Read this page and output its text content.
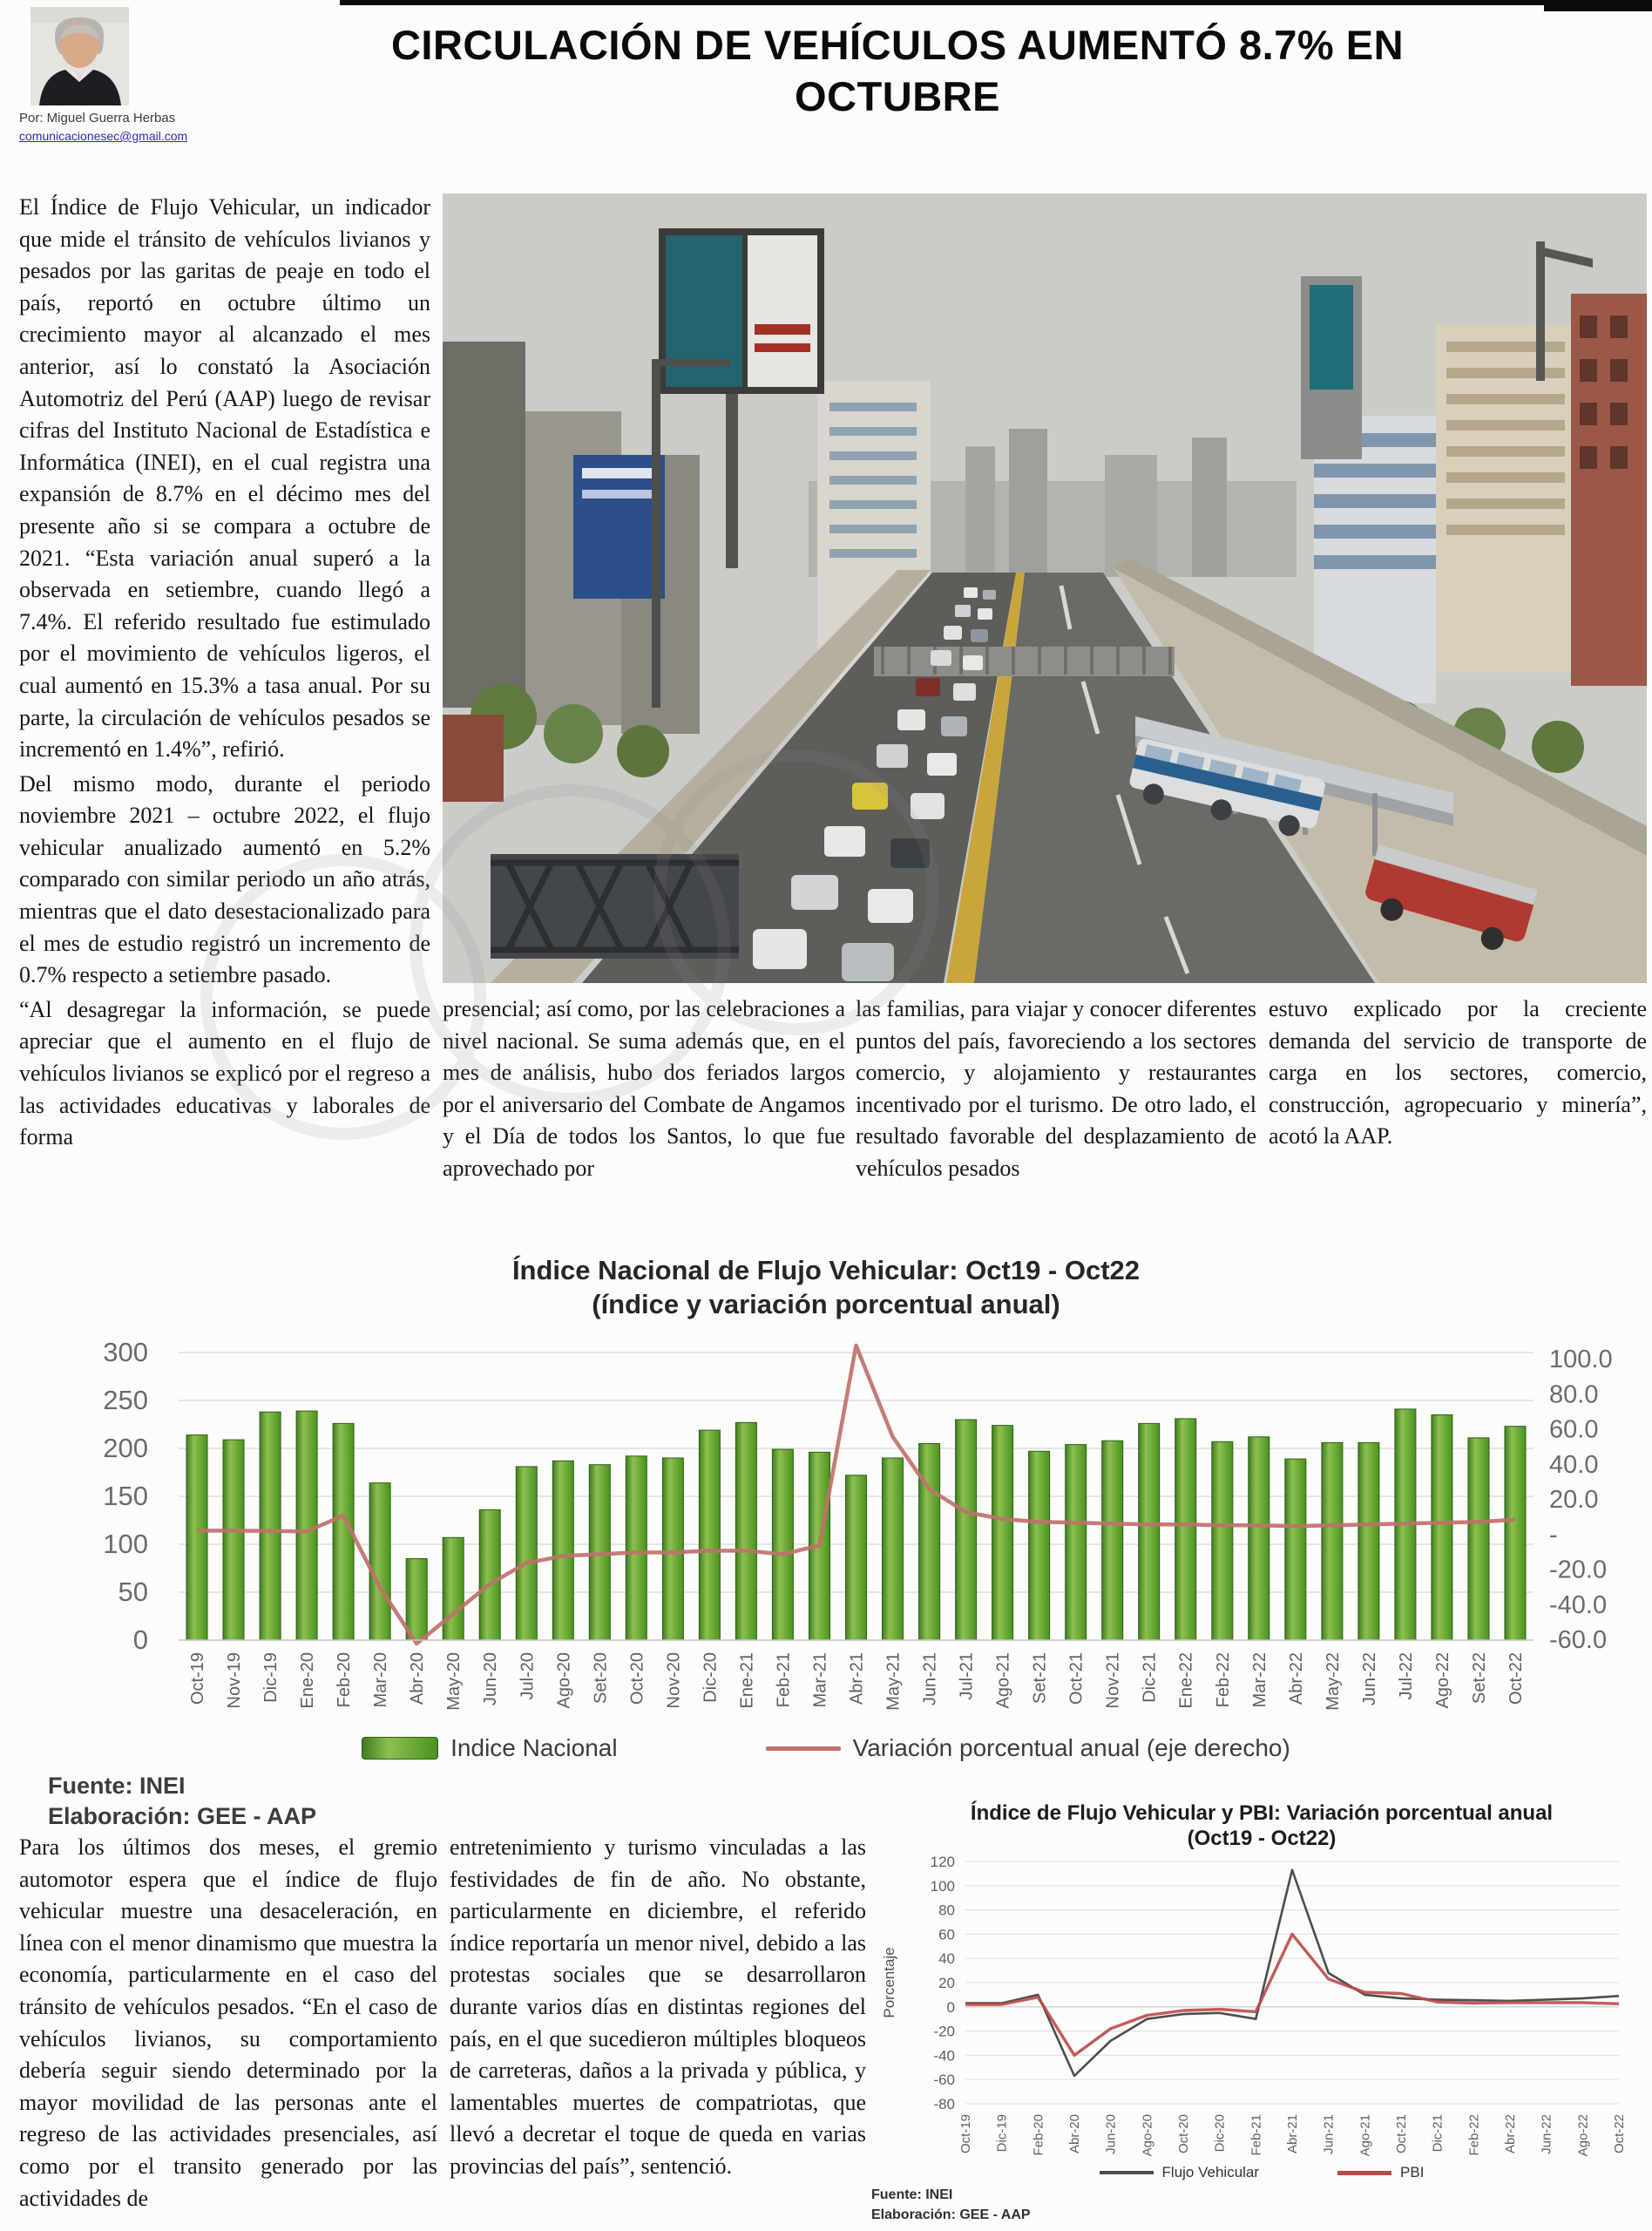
Por: Miguel Guerra Herbas
comunicacionesec@gmail.com
CIRCULACIÓN DE VEHÍCULOS AUMENTÓ 8.7% EN
OCTUBRE

El Índice de Flujo Vehicular, un indicador que mide el tránsito de vehículos livianos y pesados por las garitas de peaje en todo el país, reportó en octubre último un crecimiento mayor al alcanzado el mes anterior, así lo constató la Asociación Automotriz del Perú (AAP) luego de revisar cifras del Instituto Nacional de Estadística e Informática (INEI), en el cual registra una expansión de 8.7% en el décimo mes del presente año si se compara a octubre de 2021. “Esta variación anual superó a la observada en setiembre, cuando llegó a 7.4%. El referido resultado fue estimulado por el movimiento de vehículos ligeros, el cual aumentó en 15.3% a tasa anual. Por su parte, la circulación de vehículos pesados se incrementó en 1.4%”, refirió.

Del mismo modo, durante el periodo noviembre 2021 – octubre 2022, el flujo vehicular anualizado aumentó en 5.2% comparado con similar periodo un año atrás, mientras que el dato desestacionalizado para el mes de estudio registró un incremento de 0.7% respecto a setiembre pasado.

“Al desagregar la información, se puede apreciar que el aumento en el flujo de vehículos livianos se explicó por el regreso a las actividades educativas y laborales de forma

presencial; así como, por las celebraciones a nivel nacional. Se suma además que, en el mes de análisis, hubo dos feriados largos por el aniversario del Combate de Angamos y el Día de todos los Santos, lo que fue aprovechado por

las familias, para viajar y conocer diferentes puntos del país, favoreciendo a los sectores comercio, y alojamiento y restaurantes incentivado por el turismo. De otro lado, el resultado favorable del desplazamiento de vehículos pesados

estuvo explicado por la creciente demanda del servicio de transporte de carga en los sectores, comercio, construcción, agropecuario y minería”, acotó la AAP.

Índice Nacional de Flujo Vehicular: Oct19 - Oct22
(índice y variación porcentual anual)
300
250
200
150
100
50
0
100.0
80.0
60.0
40.0
20.0
-
-20.0
-40.0
-60.0
Oct-19 Nov-19 Dic-19 Ene-20 Feb-20 Mar-20 Abr-20 May-20 Jun-20 Jul-20 Ago-20 Set-20 Oct-20 Nov-20 Dic-20 Ene-21 Feb-21 Mar-21 Abr-21 May-21 Jun-21 Jul-21 Ago-21 Set-21 Oct-21 Nov-21 Dic-21 Ene-22 Feb-22 Mar-22 Abr-22 May-22 Jun-22 Jul-22 Ago-22 Set-22 Oct-22
Indice Nacional	Variación porcentual anual (eje derecho)
Fuente: INEI
Elaboración: GEE - AAP

Para los últimos dos meses, el gremio automotor espera que el índice de flujo vehicular muestre una desaceleración, en línea con el menor dinamismo que muestra la economía, particularmente en el caso del tránsito de vehículos pesados. “En el caso de vehículos livianos, su comportamiento debería seguir siendo determinado por la mayor movilidad de las personas ante el regreso de las actividades presenciales, así como por el transito generado por las actividades de

entretenimiento y turismo vinculadas a las festividades de fin de año. No obstante, particularmente en diciembre, el referido índice reportaría un menor nivel, debido a las protestas sociales que se desarrollaron durante varios días en distintas regiones del país, en el que sucedieron múltiples bloqueos de carreteras, daños a la privada y pública, y lamentables muertes de compatriotas, que llevó a decretar el toque de queda en varias provincias del país”, sentenció.

Índice de Flujo Vehicular y PBI: Variación porcentual anual
(Oct19 - Oct22)
120
100
80
60
40
20
0
-20
-40
-60
-80
Porcentaje
Oct-19 Dic-19 Feb-20 Abr-20 Jun-20 Ago-20 Oct-20 Dic-20 Feb-21 Abr-21 Jun-21 Ago-21 Oct-21 Dic-21 Feb-22 Abr-22 Jun-22 Ago-22 Oct-22
Flujo Vehicular	PBI
Fuente: INEI
Elaboración: GEE - AAP
